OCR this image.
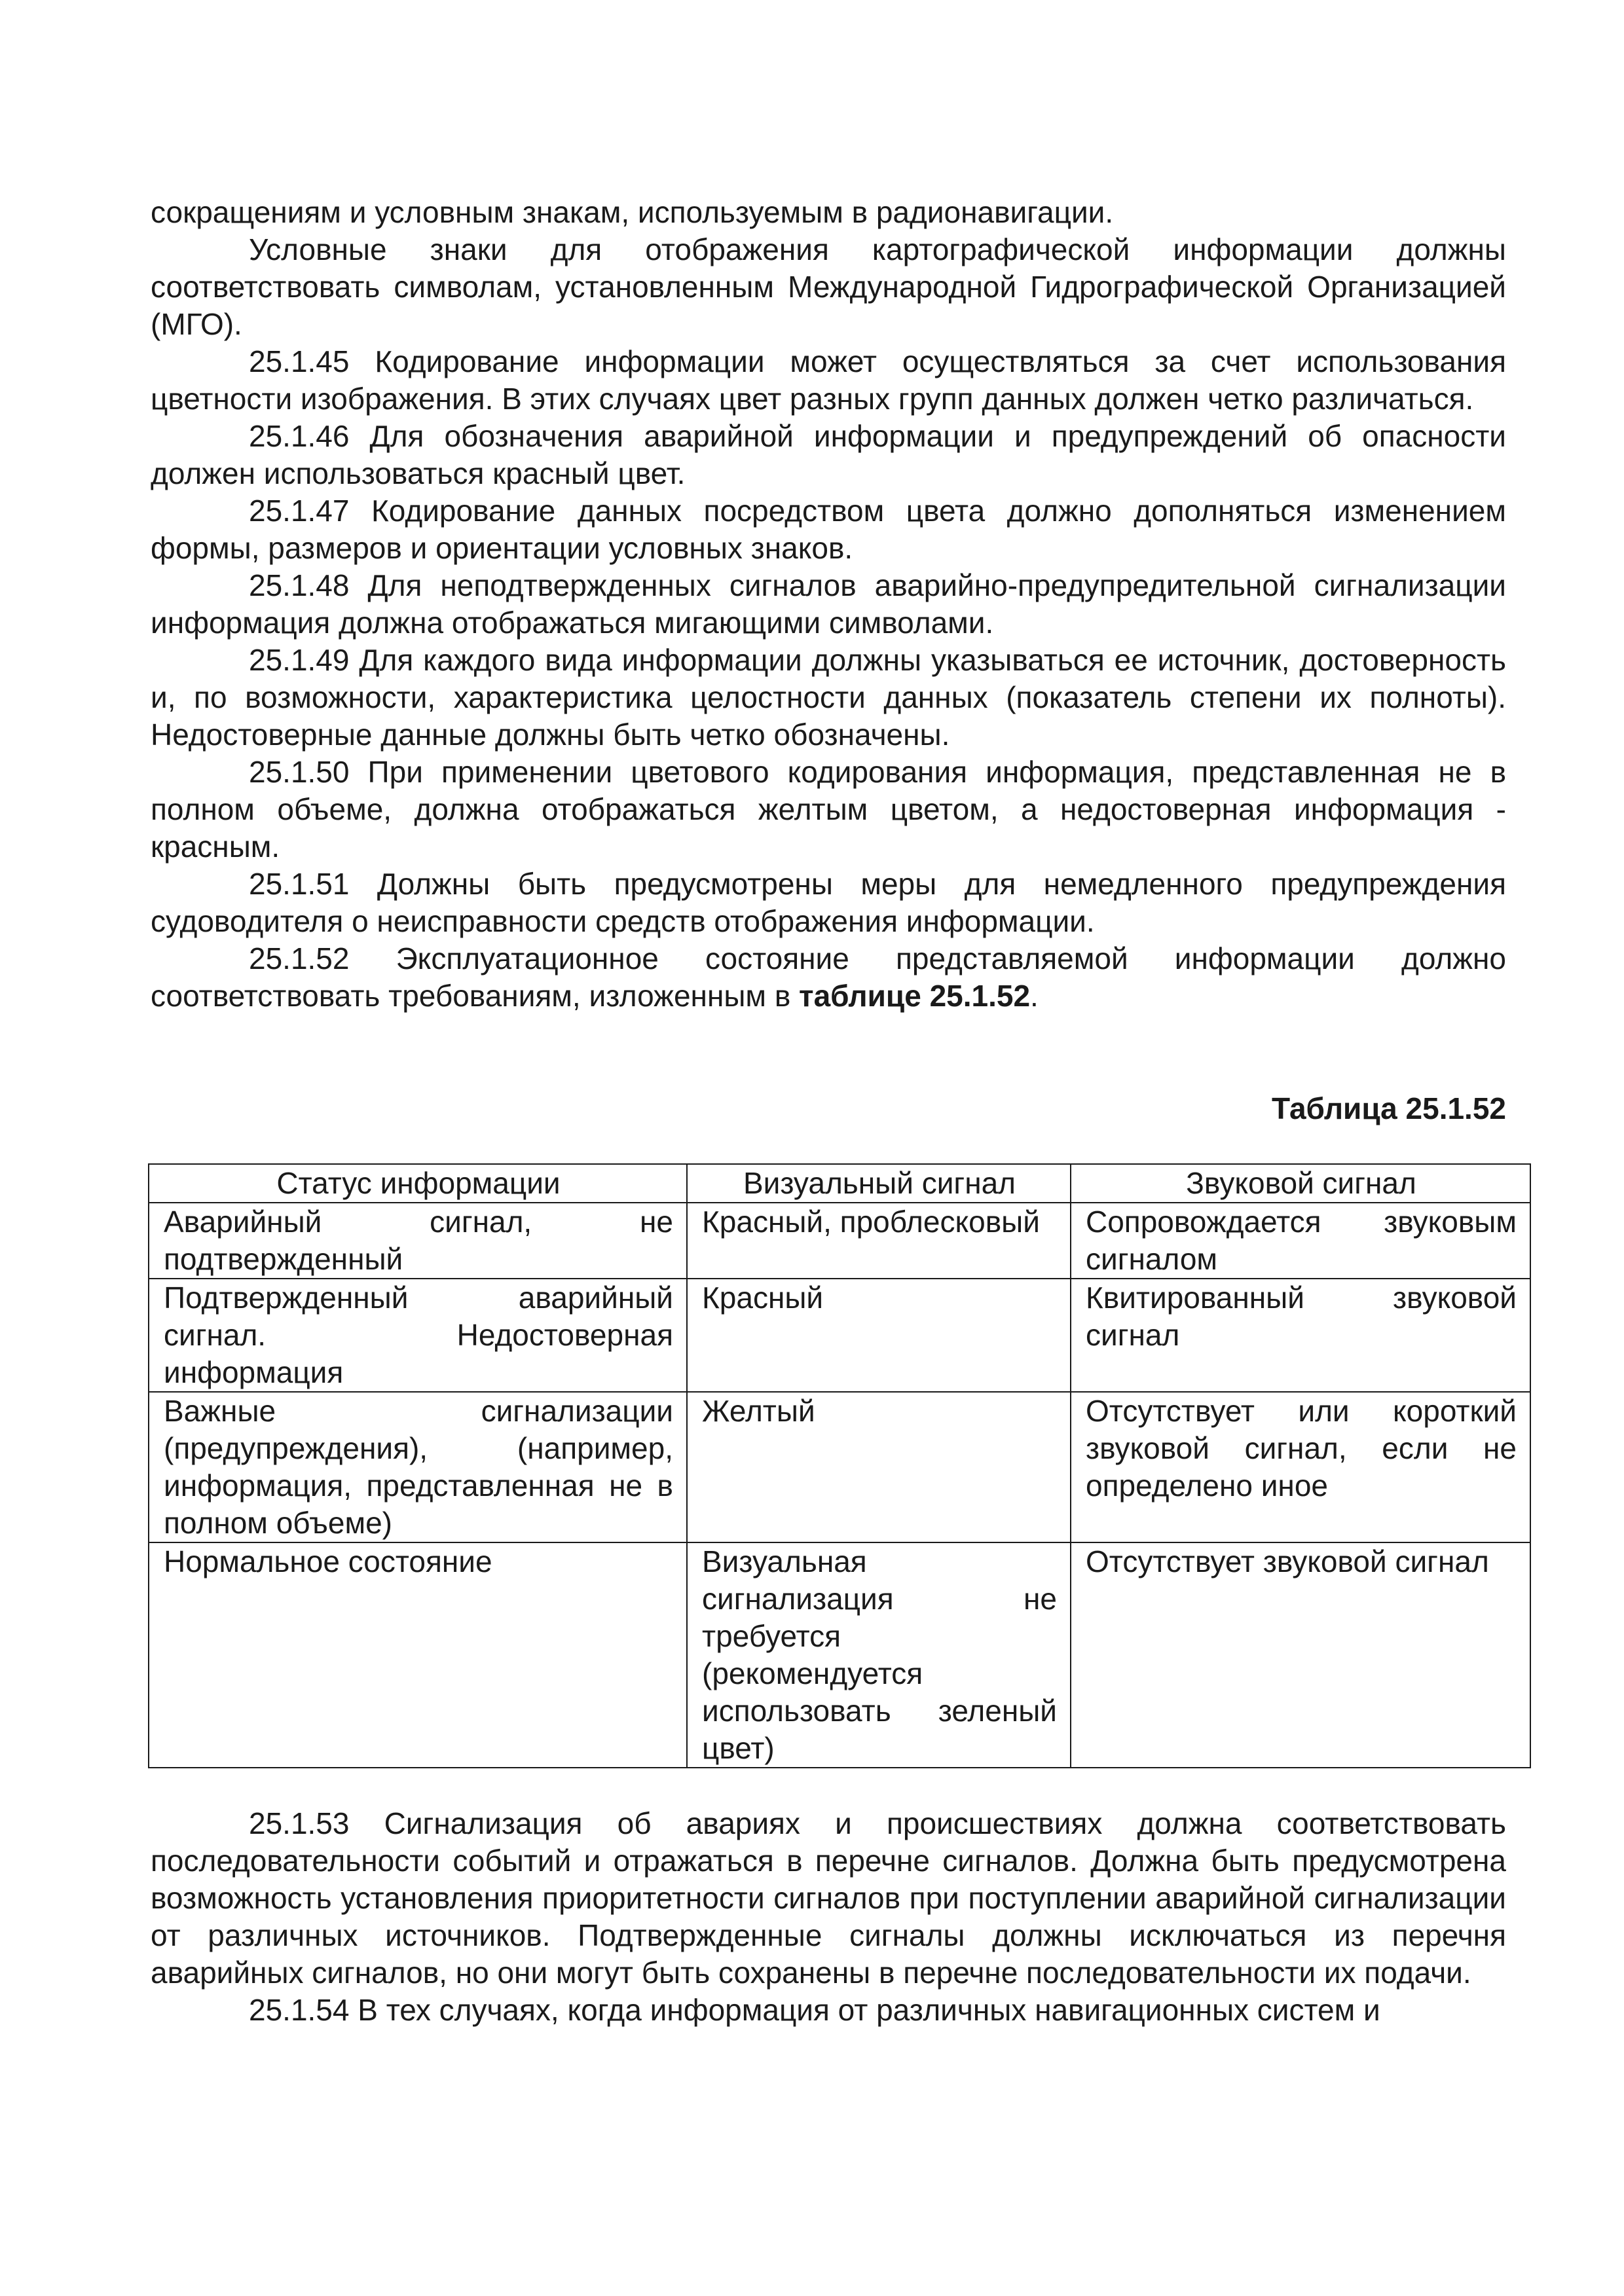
сокращениям и условным знакам, используемым в радионавигации.

Условные знаки для отображения картографической информации должны соответствовать символам, установленным Международной Гидрографической Организацией (МГО).

25.1.45 Кодирование информации может осуществляться за счет использования цветности изображения. В этих случаях цвет разных групп данных должен четко различаться.

25.1.46 Для обозначения аварийной информации и предупреждений об опасности должен использоваться красный цвет.

25.1.47 Кодирование данных посредством цвета должно дополняться изменением формы, размеров и ориентации условных знаков.

25.1.48 Для неподтвержденных сигналов аварийно-предупредительной сигнализации информация должна отображаться мигающими символами.

25.1.49 Для каждого вида информации должны указываться ее источник, достоверность и, по возможности, характеристика целостности данных (показатель степени их полноты). Недостоверные данные должны быть четко обозначены.

25.1.50 При применении цветового кодирования информация, представленная не в полном объеме, должна отображаться желтым цветом, а недостоверная информация - красным.

25.1.51 Должны быть предусмотрены меры для немедленного предупреждения судоводителя о неисправности средств отображения информации.

25.1.52 Эксплуатационное состояние представляемой информации должно соответствовать требованиям, изложенным в таблице 25.1.52.

Таблица 25.1.52
Статус информации	Визуальный сигнал	Звуковой сигнал
Аварийный сигнал, не подтвержденный	Красный, проблесковый	Сопровождается звуковым сигналом
Подтвержденный аварийный сигнал. Недостоверная информация	Красный	Квитированный звуковой сигнал
Важные сигнализации (предупреждения), (например, информация, представленная не в полном объеме)	Желтый	Отсутствует или короткий звуковой сигнал, если не определено иное
Нормальное состояние	Визуальная сигнализация не требуется (рекомендуется использовать зеленый цвет)	Отсутствует звуковой сигнал

25.1.53 Сигнализация об авариях и происшествиях должна соответствовать последовательности событий и отражаться в перечне сигналов. Должна быть предусмотрена возможность установления приоритетности сигналов при поступлении аварийной сигнализации от различных источников. Подтвержденные сигналы должны исключаться из перечня аварийных сигналов, но они могут быть сохранены в перечне последовательности их подачи.

25.1.54 В тех случаях, когда информация от различных навигационных систем и
